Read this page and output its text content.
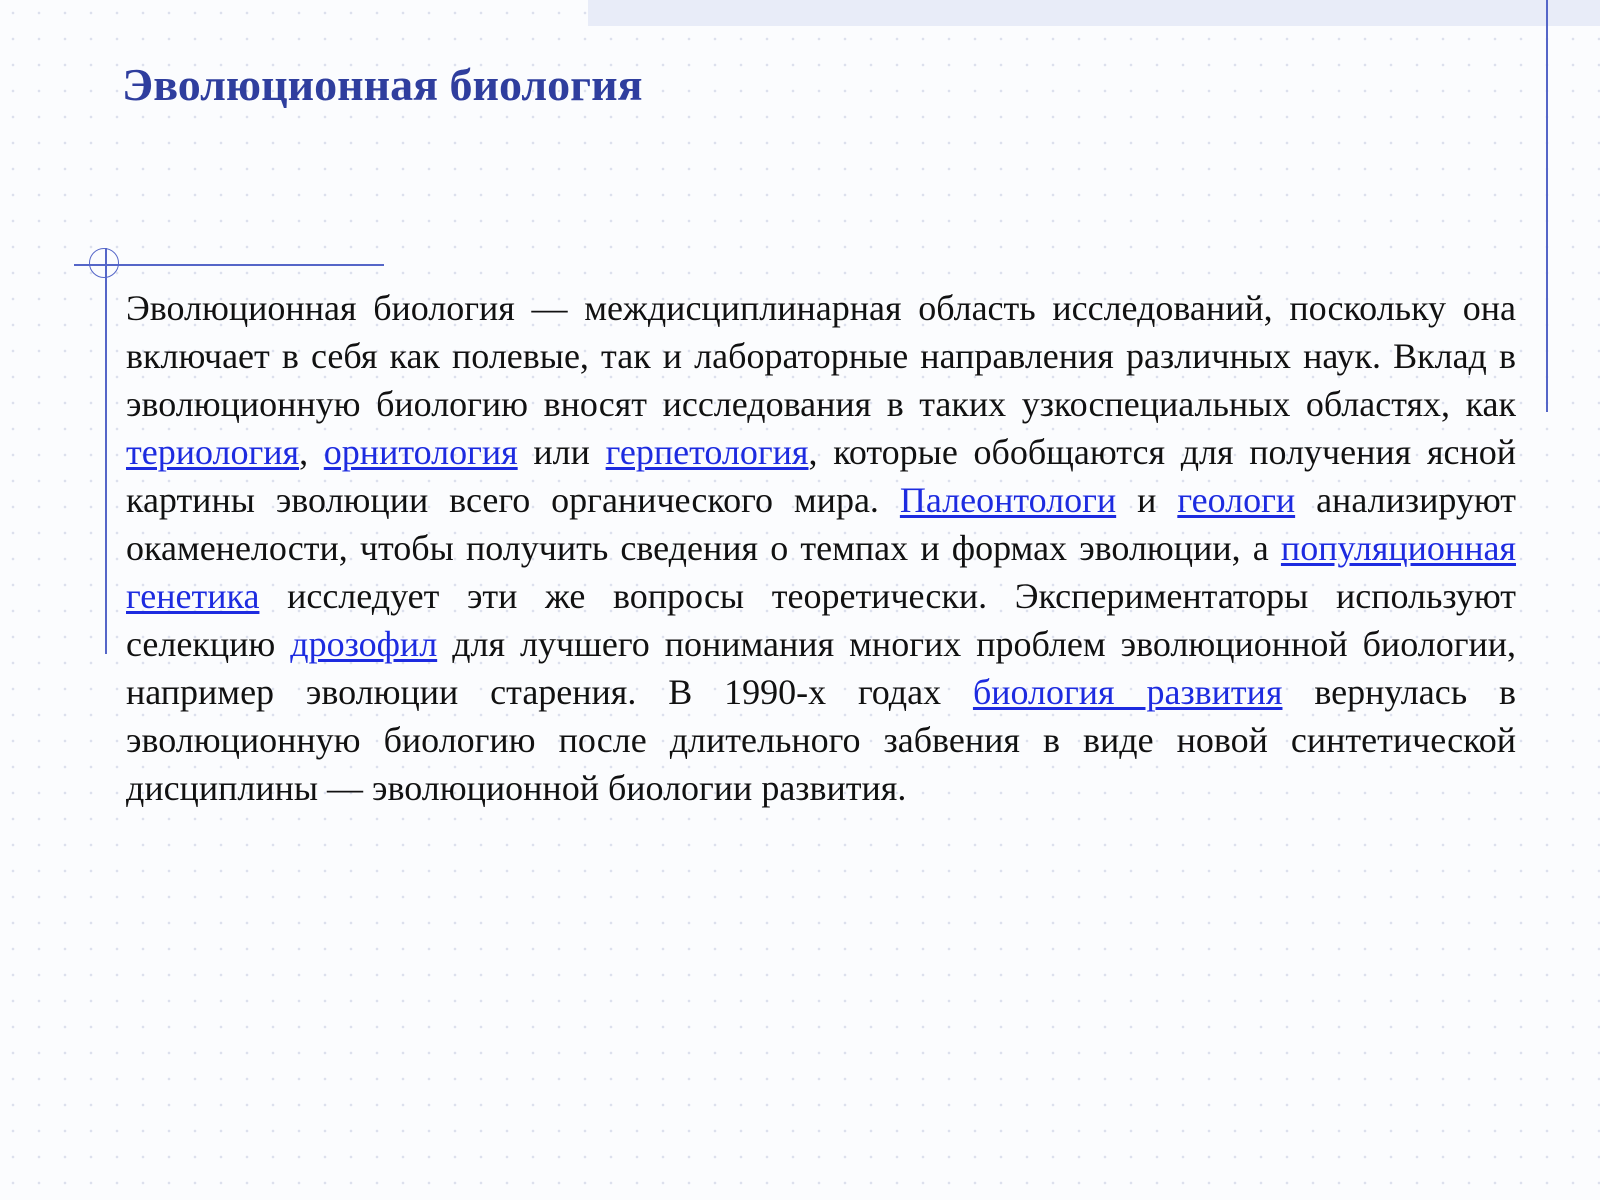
Эволюционная биология

Эволюционная биология — междисциплинарная область исследований, поскольку она включает в себя как полевые, так и лабораторные направления различных наук. Вклад в эволюционную биологию вносят исследования в таких узкоспециальных областях, как териология, орнитология или герпетология, которые обобщаются для получения ясной картины эволюции всего органического мира. Палеонтологи и геологи анализируют окаменелости, чтобы получить сведения о темпах и формах эволюции, а популяционная генетика исследует эти же вопросы теоретически. Экспериментаторы используют селекцию дрозофил для лучшего понимания многих проблем эволюционной биологии, например эволюции старения. В 1990-х годах биология развития вернулась в эволюционную биологию после длительного забвения в виде новой синтетической дисциплины — эволюционной биологии развития.
